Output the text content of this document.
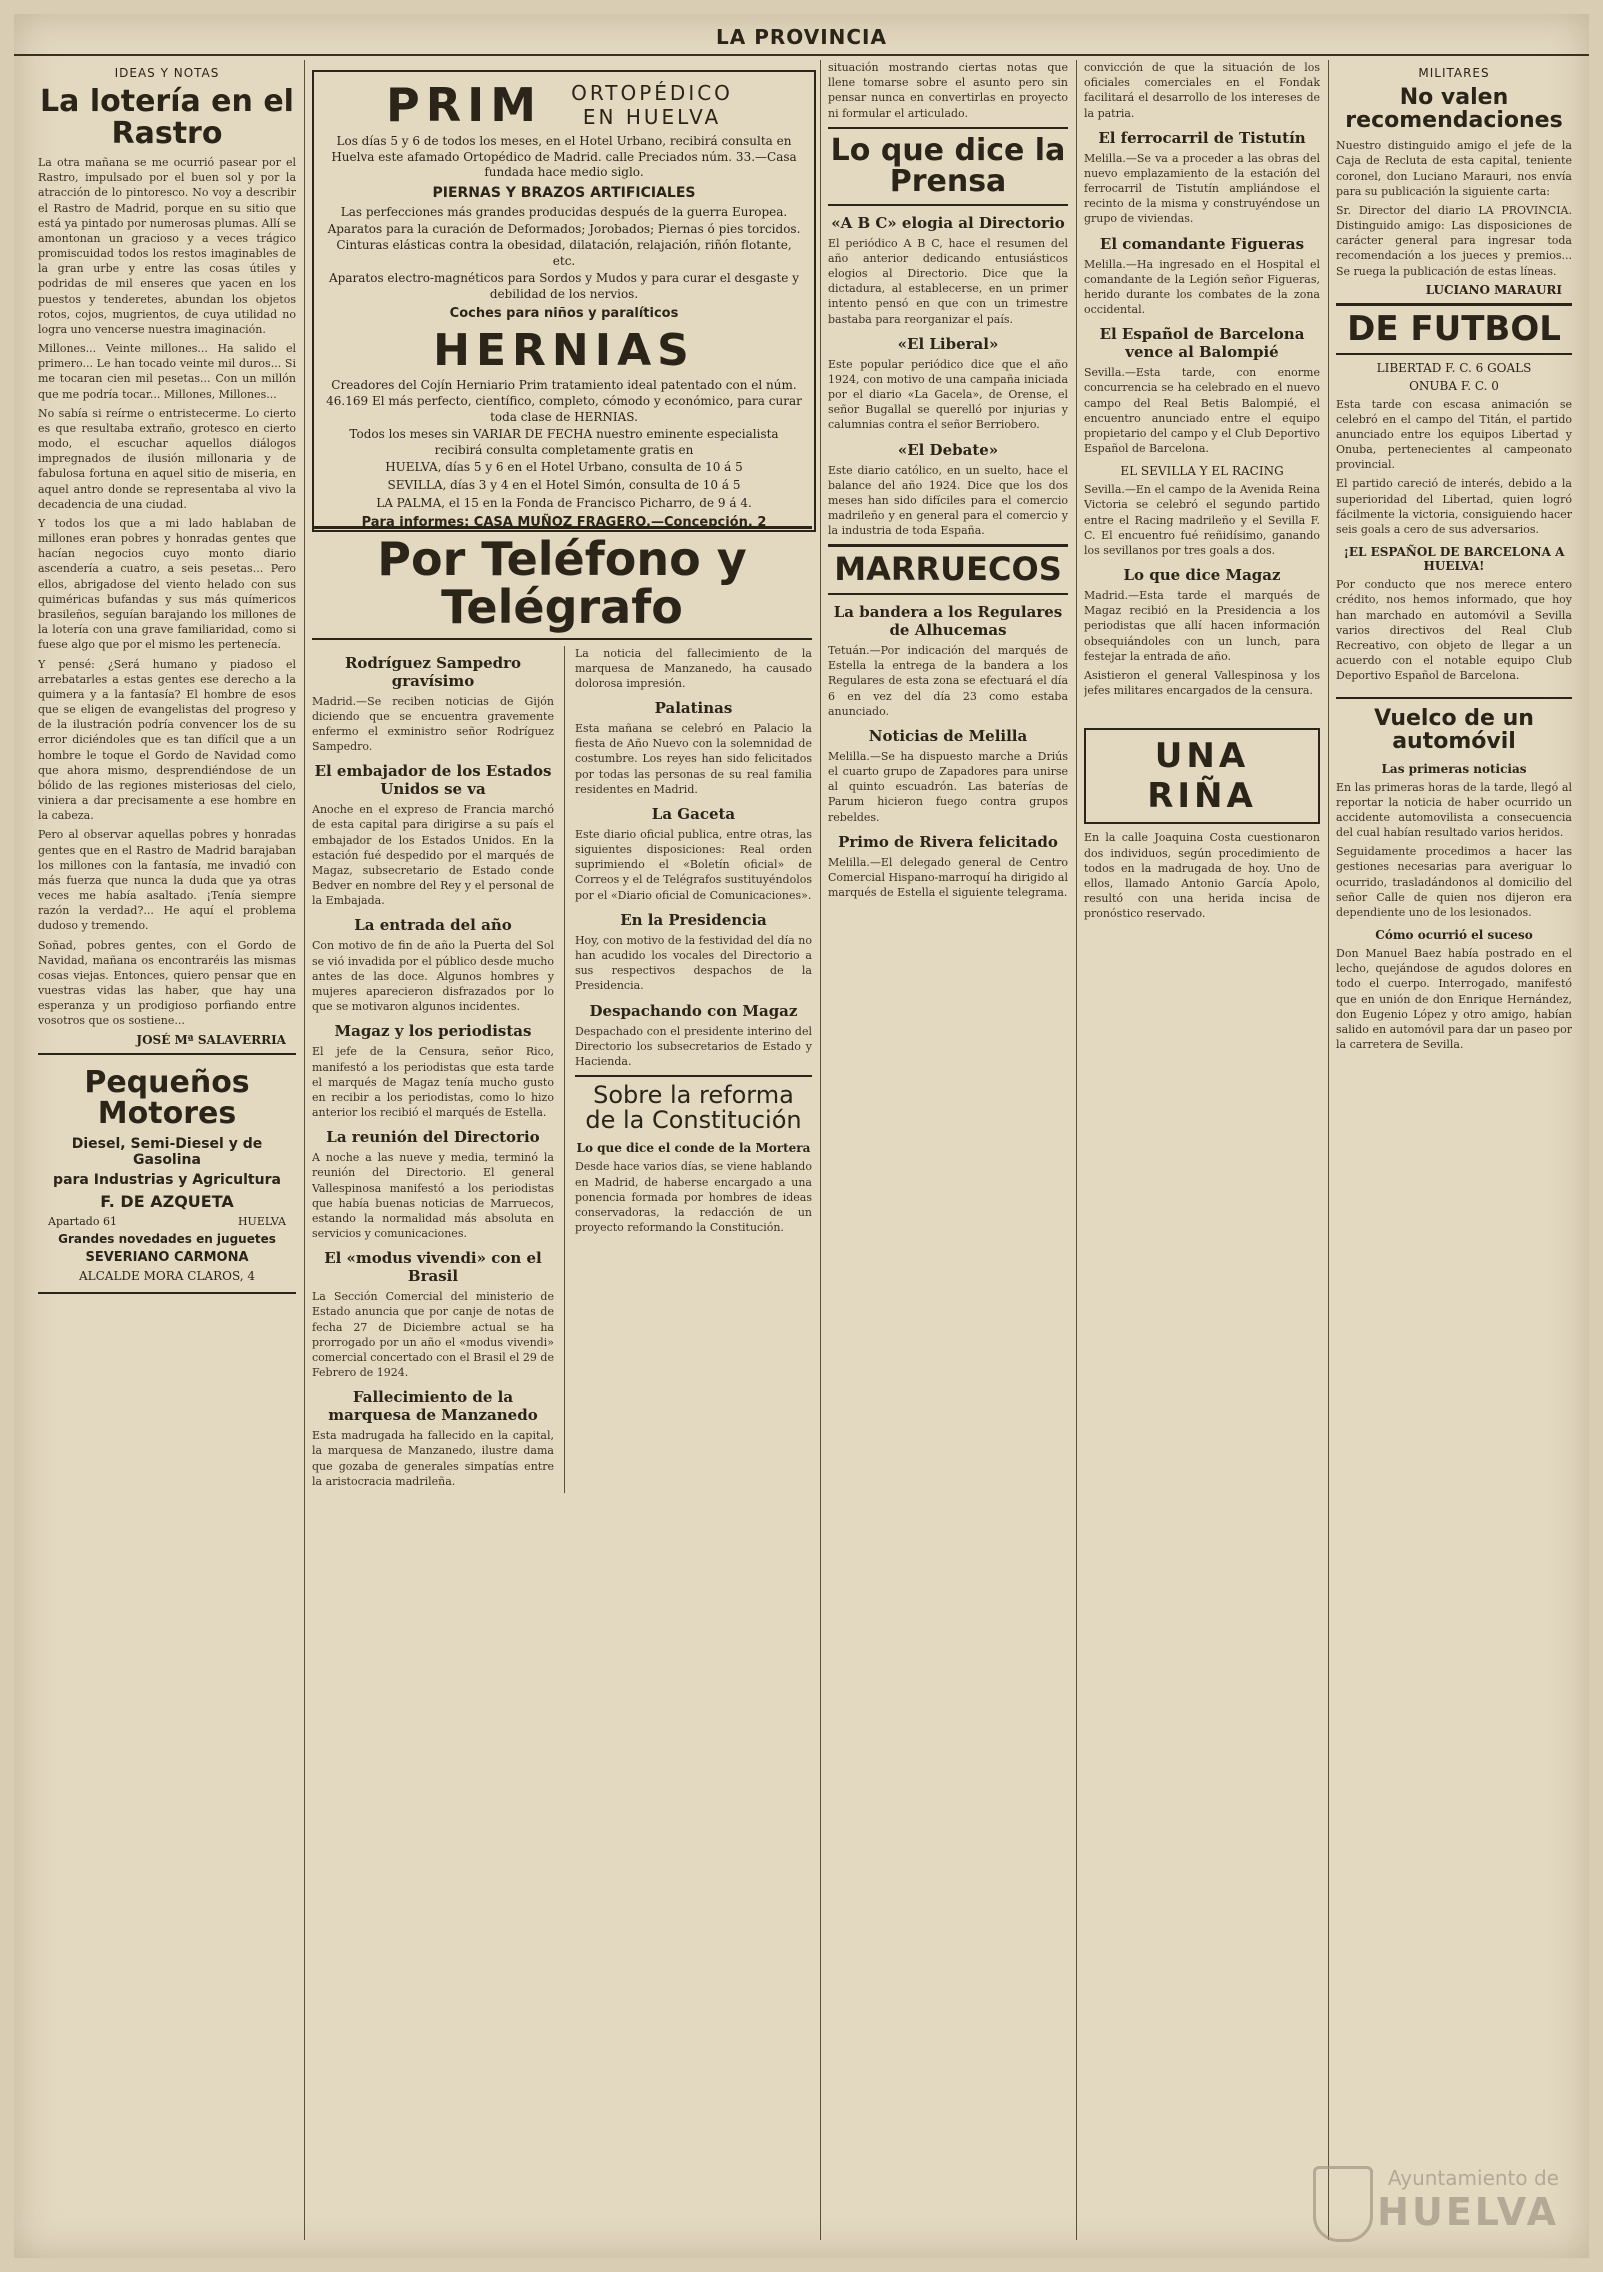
LA PROVINCIA
IDEAS Y NOTAS
La lotería en el Rastro

La otra mañana se me ocurrió pasear por el Rastro, impulsado por el buen sol y por la atracción de lo pintoresco. No voy a describir el Rastro de Madrid, porque en su sitio que está ya pintado por numerosas plumas. Allí se amontonan un gracioso y a veces trágico promiscuidad todos los restos imaginables de la gran urbe y entre las cosas útiles y podridas de mil enseres que yacen en los puestos y tenderetes, abundan los objetos rotos, cojos, mugrientos, de cuya utilidad no logra uno vencerse nuestra imaginación.

Millones... Veinte millones... Ha salido el primero... Le han tocado veinte mil duros... Si me tocaran cien mil pesetas... Con un millón que me podría tocar... Millones, Millones...

No sabía si reírme o entristecerme. Lo cierto es que resultaba extraño, grotesco en cierto modo, el escuchar aquellos diálogos impregnados de ilusión millonaria y de fabulosa fortuna en aquel sitio de miseria, en aquel antro donde se representaba al vivo la decadencia de una ciudad.

Y todos los que a mi lado hablaban de millones eran pobres y honradas gentes que hacían negocios cuyo monto diario ascendería a cuatro, a seis pesetas... Pero ellos, abrigadose del viento helado con sus quiméricas bufandas y sus más químericos brasileños, seguían barajando los millones de la lotería con una grave familiaridad, como si fuese algo que por el mismo les pertenecía.

Y pensé: ¿Será humano y piadoso el arrebatarles a estas gentes ese derecho a la quimera y a la fantasía? El hombre de esos que se eligen de evangelistas del progreso y de la ilustración podría convencer los de su error diciéndoles que es tan difícil que a un hombre le toque el Gordo de Navidad como que ahora mismo, desprendiéndose de un bólido de las regiones misteriosas del cielo, viniera a dar precisamente a ese hombre en la cabeza.

Pero al observar aquellas pobres y honradas gentes que en el Rastro de Madrid barajaban los millones con la fantasía, me invadió con más fuerza que nunca la duda que ya otras veces me había asaltado. ¡Tenía siempre razón la verdad?... He aquí el problema dudoso y tremendo.

Soñad, pobres gentes, con el Gordo de Navidad, mañana os encontraréis las mismas cosas viejas. Entonces, quiero pensar que en vuestras vidas las haber, que hay una esperanza y un prodigioso porfiando entre vosotros que os sostiene...

JOSÉ Mª SALAVERRIA
Pequeños Motores
Diesel, Semi-Diesel y de Gasolina
para Industrias y Agricultura
F. DE AZQUETA
Apartado 61	HUELVA
Grandes novedades en juguetes
SEVERIANO CARMONA
ALCALDE MORA CLAROS, 4
PRIM	ORTOPÉDICO EN HUELVA

Los días 5 y 6 de todos los meses, en el Hotel Urbano, recibirá consulta en Huelva este afamado Ortopédico de Madrid. calle Preciados núm. 33.—Casa fundada hace medio siglo.

PIERNAS Y BRAZOS ARTIFICIALES

Las perfecciones más grandes producidas después de la guerra Europea.

Aparatos para la curación de Deformados; Jorobados; Piernas ó pies torcidos. Cinturas elásticas contra la obesidad, dilatación, relajación, riñón flotante, etc.

Aparatos electro-magnéticos para Sordos y Mudos y para curar el desgaste y debilidad de los nervios.

Coches para niños y paralíticos
HERNIAS

Creadores del Cojín Herniario Prim tratamiento ideal patentado con el núm. 46.169 El más perfecto, científico, completo, cómodo y económico, para curar toda clase de HERNIAS.

Todos los meses sin VARIAR DE FECHA nuestro eminente especialista recibirá consulta completamente gratis en

HUELVA, días 5 y 6 en el Hotel Urbano, consulta de 10 á 5

SEVILLA, días 3 y 4 en el Hotel Simón, consulta de 10 á 5

LA PALMA, el 15 en la Fonda de Francisco Picharro, de 9 á 4.

Para informes: CASA MUÑOZ FRAGERO.—Concepción, 2
Por Teléfono y Telégrafo
Rodríguez Sampedro gravísimo

Madrid.—Se reciben noticias de Gijón diciendo que se encuentra gravemente enfermo el exministro señor Rodríguez Sampedro.

El embajador de los Estados Unidos se va

Anoche en el expreso de Francia marchó de esta capital para dirigirse a su país el embajador de los Estados Unidos. En la estación fué despedido por el marqués de Magaz, subsecretario de Estado conde Bedver en nombre del Rey y el personal de la Embajada.

La entrada del año

Con motivo de fin de año la Puerta del Sol se vió invadida por el público desde mucho antes de las doce. Algunos hombres y mujeres aparecieron disfrazados por lo que se motivaron algunos incidentes.

Magaz y los periodistas

El jefe de la Censura, señor Rico, manifestó a los periodistas que esta tarde el marqués de Magaz tenía mucho gusto en recibir a los periodistas, como lo hizo anterior los recibió el marqués de Estella.

La reunión del Directorio

A noche a las nueve y media, terminó la reunión del Directorio. El general Vallespinosa manifestó a los periodistas que había buenas noticias de Marruecos, estando la normalidad más absoluta en servicios y comunicaciones.

El «modus vivendi» con el Brasil

La Sección Comercial del ministerio de Estado anuncia que por canje de notas de fecha 27 de Diciembre actual se ha prorrogado por un año el «modus vivendi» comercial concertado con el Brasil el 29 de Febrero de 1924.

Fallecimiento de la marquesa de Manzanedo

Esta madrugada ha fallecido en la capital, la marquesa de Manzanedo, ilustre dama que gozaba de generales simpatías entre la aristocracia madrileña.

La noticia del fallecimiento de la marquesa de Manzanedo, ha causado dolorosa impresión.

Palatinas

Esta mañana se celebró en Palacio la fiesta de Año Nuevo con la solemnidad de costumbre. Los reyes han sido felicitados por todas las personas de su real familia residentes en Madrid.

La Gaceta

Este diario oficial publica, entre otras, las siguientes disposiciones: Real orden suprimiendo el «Boletín oficial» de Correos y el de Telégrafos sustituyéndolos por el «Diario oficial de Comunicaciones».

En la Presidencia

Hoy, con motivo de la festividad del día no han acudido los vocales del Directorio a sus respectivos despachos de la Presidencia.

Despachando con Magaz

Despachado con el presidente interino del Directorio los subsecretarios de Estado y Hacienda.

Sobre la reforma de la Constitución
Lo que dice el conde de la Mortera

Desde hace varios días, se viene hablando en Madrid, de haberse encargado a una ponencia formada por hombres de ideas conservadoras, la redacción de un proyecto reformando la Constitución.

situación mostrando ciertas notas que llene tomarse sobre el asunto pero sin pensar nunca en convertirlas en proyecto ni formular el articulado.

Lo que dice la Prensa
«A B C» elogia al Directorio

El periódico A B C, hace el resumen del año anterior dedicando entusiásticos elogios al Directorio. Dice que la dictadura, al establecerse, en un primer intento pensó en que con un trimestre bastaba para reorganizar el país.

«El Liberal»

Este popular periódico dice que el año 1924, con motivo de una campaña iniciada por el diario «La Gacela», de Orense, el señor Bugallal se querelló por injurias y calumnias contra el señor Berriobero.

«El Debate»

Este diario católico, en un suelto, hace el balance del año 1924. Dice que los dos meses han sido difíciles para el comercio madrileño y en general para el comercio y la industria de toda España.

MARRUECOS
La bandera a los Regulares de Alhucemas

Tetuán.—Por indicación del marqués de Estella la entrega de la bandera a los Regulares de esta zona se efectuará el día 6 en vez del día 23 como estaba anunciado.

Noticias de Melilla

Melilla.—Se ha dispuesto marche a Driús el cuarto grupo de Zapadores para unirse al quinto escuadrón. Las baterías de Parum hicieron fuego contra grupos rebeldes.

Primo de Rivera felicitado

Melilla.—El delegado general de Centro Comercial Hispano-marroquí ha dirigido al marqués de Estella el siguiente telegrama.

convicción de que la situación de los oficiales comerciales en el Fondak facilitará el desarrollo de los intereses de la patria.

El ferrocarril de Tistutín

Melilla.—Se va a proceder a las obras del nuevo emplazamiento de la estación del ferrocarril de Tistutín ampliándose el recinto de la misma y construyéndose un grupo de viviendas.

El comandante Figueras

Melilla.—Ha ingresado en el Hospital el comandante de la Legión señor Figueras, herido durante los combates de la zona occidental.

El Español de Barcelona vence al Balompié

Sevilla.—Esta tarde, con enorme concurrencia se ha celebrado en el nuevo campo del Real Betis Balompié, el encuentro anunciado entre el equipo propietario del campo y el Club Deportivo Español de Barcelona.

EL SEVILLA Y EL RACING

Sevilla.—En el campo de la Avenida Reina Victoria se celebró el segundo partido entre el Racing madrileño y el Sevilla F. C. El encuentro fué reñidísimo, ganando los sevillanos por tres goals a dos.

Lo que dice Magaz

Madrid.—Esta tarde el marqués de Magaz recibió en la Presidencia a los periodistas que allí hacen información obsequiándoles con un lunch, para festejar la entrada de año.

Asistieron el general Vallespinosa y los jefes militares encargados de la censura.

UNA RIÑA

En la calle Joaquina Costa cuestionaron dos individuos, según procedimiento de todos en la madrugada de hoy. Uno de ellos, llamado Antonio García Apolo, resultó con una herida incisa de pronóstico reservado.

MILITARES
No valen recomendaciones

Nuestro distinguido amigo el jefe de la Caja de Recluta de esta capital, teniente coronel, don Luciano Marauri, nos envía para su publicación la siguiente carta:

Sr. Director del diario LA PROVINCIA. Distinguido amigo: Las disposiciones de carácter general para ingresar toda recomendación a los jueces y premios... Se ruega la publicación de estas líneas.

LUCIANO MARAURI
DE FUTBOL
LIBERTAD F. C. 6 GOALS
ONUBA F. C. 0

Esta tarde con escasa animación se celebró en el campo del Titán, el partido anunciado entre los equipos Libertad y Onuba, pertenecientes al campeonato provincial.

El partido careció de interés, debido a la superioridad del Libertad, quien logró fácilmente la victoria, consiguiendo hacer seis goals a cero de sus adversarios.

¡EL ESPAÑOL DE BARCELONA A HUELVA!

Por conducto que nos merece entero crédito, nos hemos informado, que hoy han marchado en automóvil a Sevilla varios directivos del Real Club Recreativo, con objeto de llegar a un acuerdo con el notable equipo Club Deportivo Español de Barcelona.

Vuelco de un automóvil
Las primeras noticias

En las primeras horas de la tarde, llegó al reportar la noticia de haber ocurrido un accidente automovilista a consecuencia del cual habían resultado varios heridos.

Seguidamente procedimos a hacer las gestiones necesarias para averiguar lo ocurrido, trasladándonos al domicilio del señor Calle de quien nos dijeron era dependiente uno de los lesionados.

Cómo ocurrió el suceso

Don Manuel Baez había postrado en el lecho, quejándose de agudos dolores en todo el cuerpo. Interrogado, manifestó que en unión de don Enrique Hernández, don Eugenio López y otro amigo, habían salido en automóvil para dar un paseo por la carretera de Sevilla.

Ayuntamiento de
HUELVA
